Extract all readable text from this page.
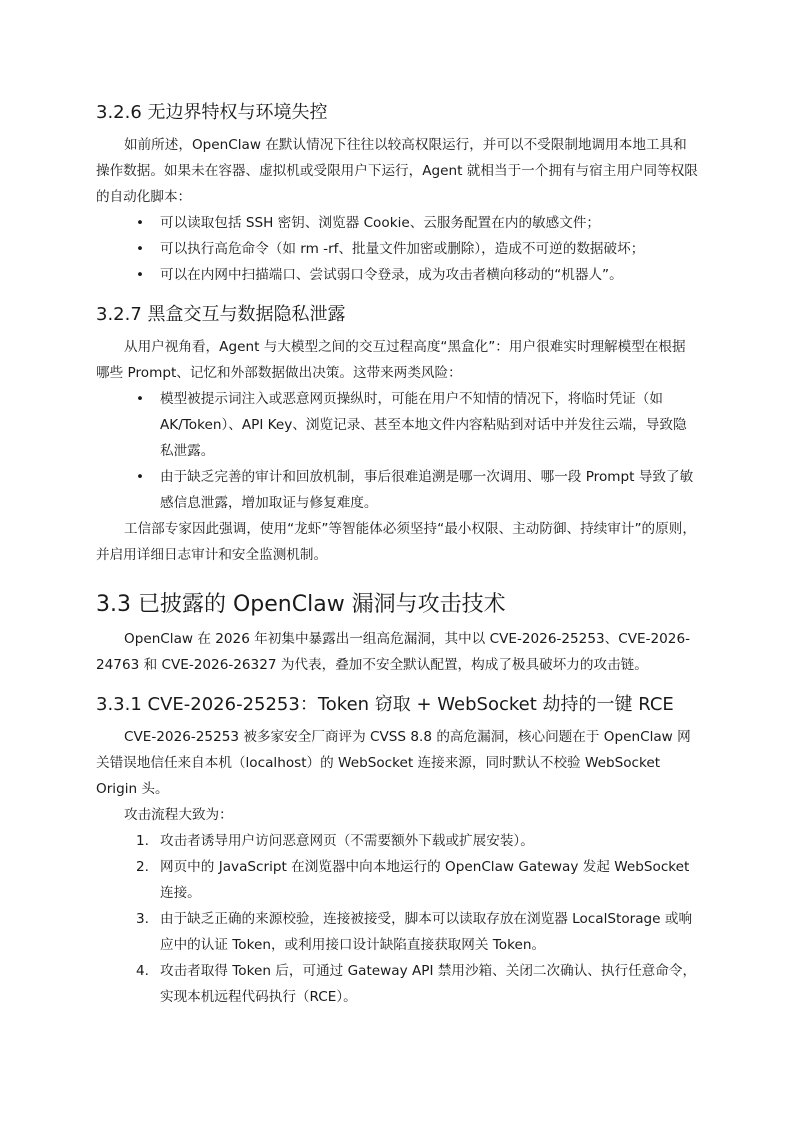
3.2.6 无边界特权与环境失控

如前所述，OpenClaw 在默认情况下往往以较高权限运行，并可以不受限制地调用本地工具和操作数据。如果未在容器、虚拟机或受限用户下运行，Agent 就相当于一个拥有与宿主用户同等权限的自动化脚本：

• 可以读取包括 SSH 密钥、浏览器 Cookie、云服务配置在内的敏感文件；
• 可以执行高危命令（如 rm -rf、批量文件加密或删除），造成不可逆的数据破坏；
• 可以在内网中扫描端口、尝试弱口令登录，成为攻击者横向移动的“机器人”。
3.2.7 黑盒交互与数据隐私泄露

从用户视角看，Agent 与大模型之间的交互过程高度“黑盒化”：用户很难实时理解模型在根据哪些 Prompt、记忆和外部数据做出决策。这带来两类风险：

• 模型被提示词注入或恶意网页操纵时，可能在用户不知情的情况下，将临时凭证（如 AK/Token）、API Key、浏览记录、甚至本地文件内容粘贴到对话中并发往云端，导致隐私泄露。
• 由于缺乏完善的审计和回放机制，事后很难追溯是哪一次调用、哪一段 Prompt 导致了敏感信息泄露，增加取证与修复难度。

工信部专家因此强调，使用“龙虾”等智能体必须坚持“最小权限、主动防御、持续审计”的原则，并启用详细日志审计和安全监测机制。

3.3 已披露的 OpenClaw 漏洞与攻击技术

OpenClaw 在 2026 年初集中暴露出一组高危漏洞，其中以 CVE-2026-25253、CVE-2026-24763 和 CVE-2026-26327 为代表，叠加不安全默认配置，构成了极具破坏力的攻击链。

3.3.1 CVE-2026-25253：Token 窃取 + WebSocket 劫持的一键 RCE

CVE-2026-25253 被多家安全厂商评为 CVSS 8.8 的高危漏洞，核心问题在于 OpenClaw 网关错误地信任来自本机（localhost）的 WebSocket 连接来源，同时默认不校验 WebSocket Origin 头。

攻击流程大致为：

1. 攻击者诱导用户访问恶意网页（不需要额外下载或扩展安装）。
2. 网页中的 JavaScript 在浏览器中向本地运行的 OpenClaw Gateway 发起 WebSocket 连接。
3. 由于缺乏正确的来源校验，连接被接受，脚本可以读取存放在浏览器 LocalStorage 或响应中的认证 Token，或利用接口设计缺陷直接获取网关 Token。
4. 攻击者取得 Token 后，可通过 Gateway API 禁用沙箱、关闭二次确认、执行任意命令，实现本机远程代码执行（RCE）。
